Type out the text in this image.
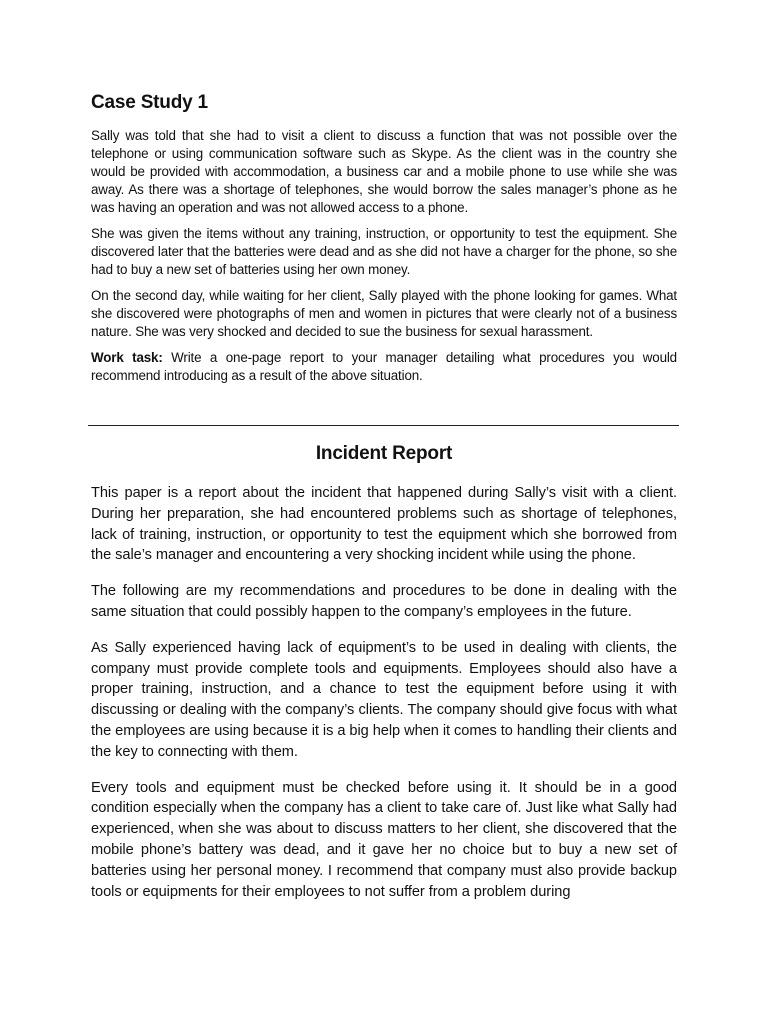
Case Study 1

Sally was told that she had to visit a client to discuss a function that was not possible over the telephone or using communication software such as Skype. As the client was in the country she would be provided with accommodation, a business car and a mobile phone to use while she was away. As there was a shortage of telephones, she would borrow the sales manager’s phone as he was having an operation and was not allowed access to a phone.

She was given the items without any training, instruction, or opportunity to test the equipment. She discovered later that the batteries were dead and as she did not have a charger for the phone, so she had to buy a new set of batteries using her own money.

On the second day, while waiting for her client, Sally played with the phone looking for games. What she discovered were photographs of men and women in pictures that were clearly not of a business nature. She was very shocked and decided to sue the business for sexual harassment.

Work task: Write a one-page report to your manager detailing what procedures you would recommend introducing as a result of the above situation.

Incident Report

This paper is a report about the incident that happened during Sally’s visit with a client. During her preparation, she had encountered problems such as shortage of telephones, lack of training, instruction, or opportunity to test the equipment which she borrowed from the sale’s manager and encountering a very shocking incident while using the phone.

The following are my recommendations and procedures to be done in dealing with the same situation that could possibly happen to the company’s employees in the future.

As Sally experienced having lack of equipment’s to be used in dealing with clients, the company must provide complete tools and equipments. Employees should also have a proper training, instruction, and a chance to test the equipment before using it with discussing or dealing with the company’s clients. The company should give focus with what the employees are using because it is a big help when it comes to handling their clients and the key to connecting with them.

Every tools and equipment must be checked before using it. It should be in a good condition especially when the company has a client to take care of. Just like what Sally had experienced, when she was about to discuss matters to her client, she discovered that the mobile phone’s battery was dead, and it gave her no choice but to buy a new set of batteries using her personal money. I recommend that company must also provide backup tools or equipments for their employees to not suffer from a problem during
